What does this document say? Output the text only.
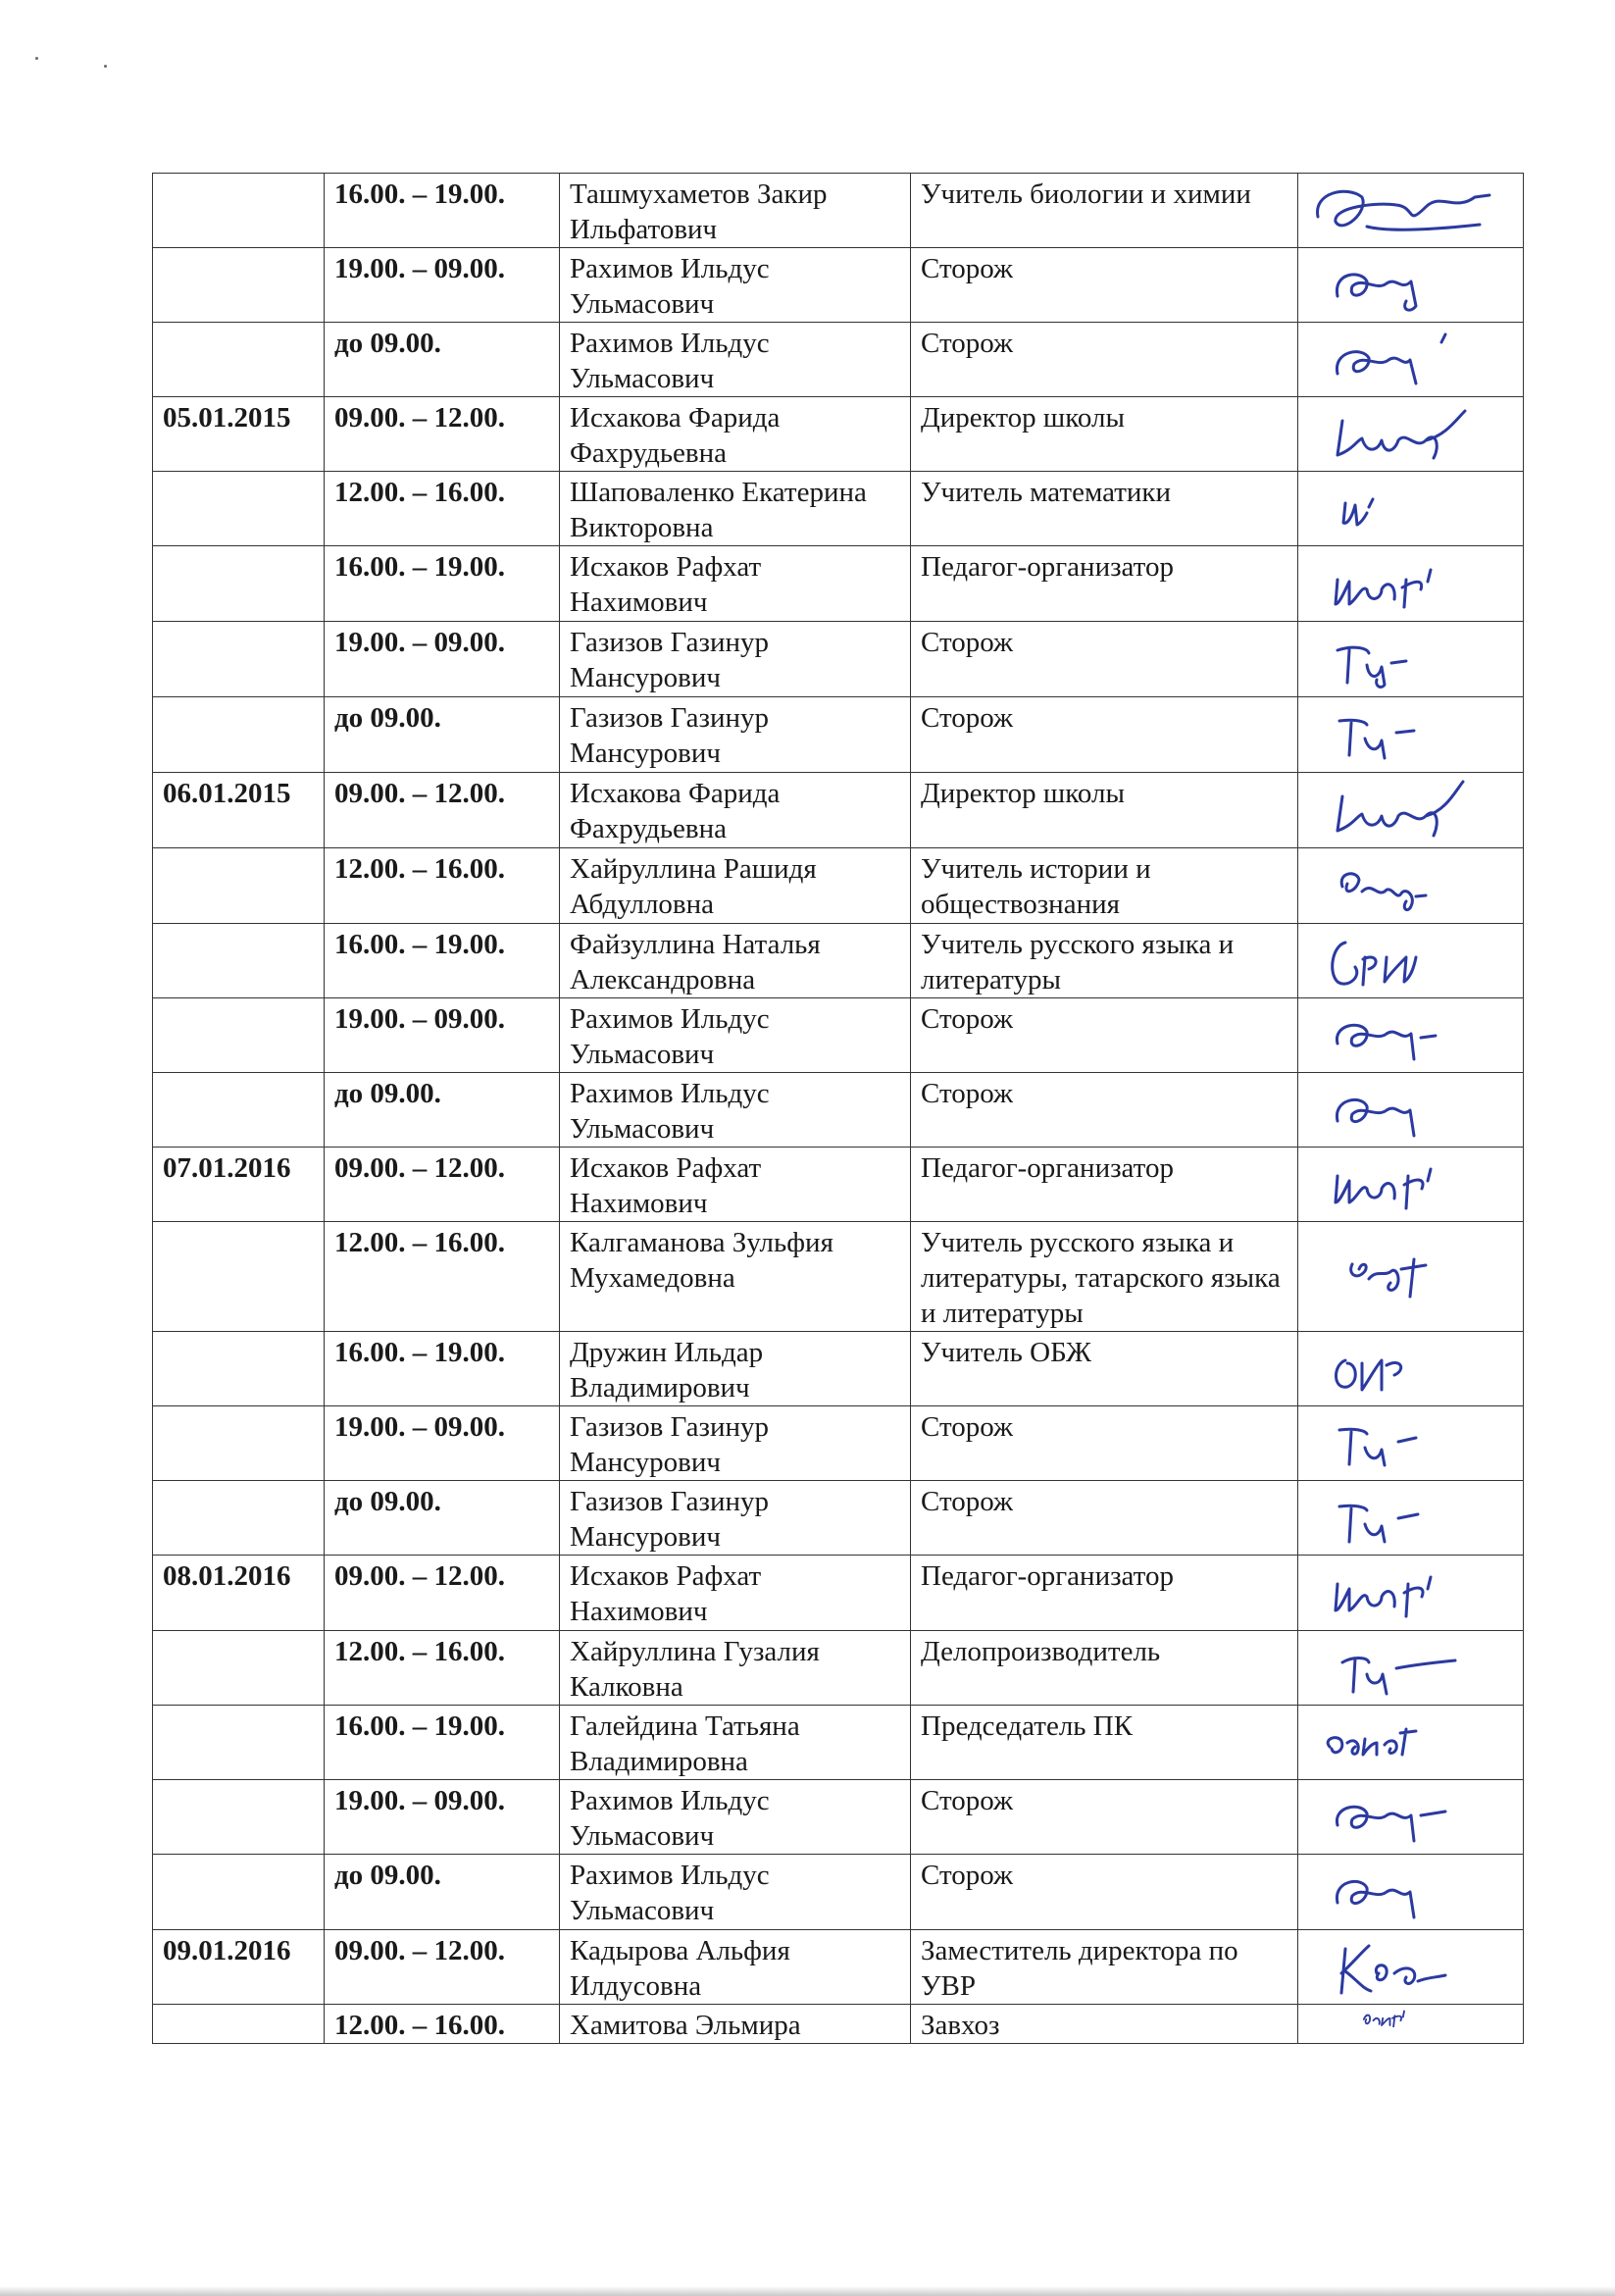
	16.00. – 19.00.	Ташмухаметов Закир Ильфатович	Учитель биологии и химии	

	19.00. – 09.00.	Рахимов Ильдус Ульмасович	Сторож	

	до 09.00.	Рахимов Ильдус Ульмасович	Сторож	

05.01.2015	09.00. – 12.00.	Исхакова Фарида Фахрудьевна	Директор школы	

	12.00. – 16.00.	Шаповаленко Екатерина Викторовна	Учитель математики	

	16.00. – 19.00.	Исхаков Рафхат Нахимович	Педагог-организатор	

	19.00. – 09.00.	Газизов Газинур Мансурович	Сторож	

	до 09.00.	Газизов Газинур Мансурович	Сторож	

06.01.2015	09.00. – 12.00.	Исхакова Фарида Фахрудьевна	Директор школы	

	12.00. – 16.00.	Хайруллина Рашидя Абдулловна	Учитель истории и обществознания	

	16.00. – 19.00.	Файзуллина Наталья Александровна	Учитель русского языка и литературы	

	19.00. – 09.00.	Рахимов Ильдус Ульмасович	Сторож	

	до 09.00.	Рахимов Ильдус Ульмасович	Сторож	

07.01.2016	09.00. – 12.00.	Исхаков Рафхат Нахимович	Педагог-организатор	

	12.00. – 16.00.	Калгаманова Зульфия Мухамедовна	Учитель русского языка и литературы, татарского языка и литературы	

	16.00. – 19.00.	Дружин Ильдар Владимирович	Учитель ОБЖ	

	19.00. – 09.00.	Газизов Газинур Мансурович	Сторож	

	до 09.00.	Газизов Газинур Мансурович	Сторож	

08.01.2016	09.00. – 12.00.	Исхаков Рафхат Нахимович	Педагог-организатор	

	12.00. – 16.00.	Хайруллина Гузалия Калковна	Делопроизводитель	

	16.00. – 19.00.	Галейдина Татьяна Владимировна	Председатель ПК	

	19.00. – 09.00.	Рахимов Ильдус Ульмасович	Сторож	

	до 09.00.	Рахимов Ильдус Ульмасович	Сторож	

09.01.2016	09.00. – 12.00.	Кадырова Альфия Илдусовна	Заместитель директора по УВР	

	12.00. – 16.00.	Хамитова Эльмира	Завхоз	
